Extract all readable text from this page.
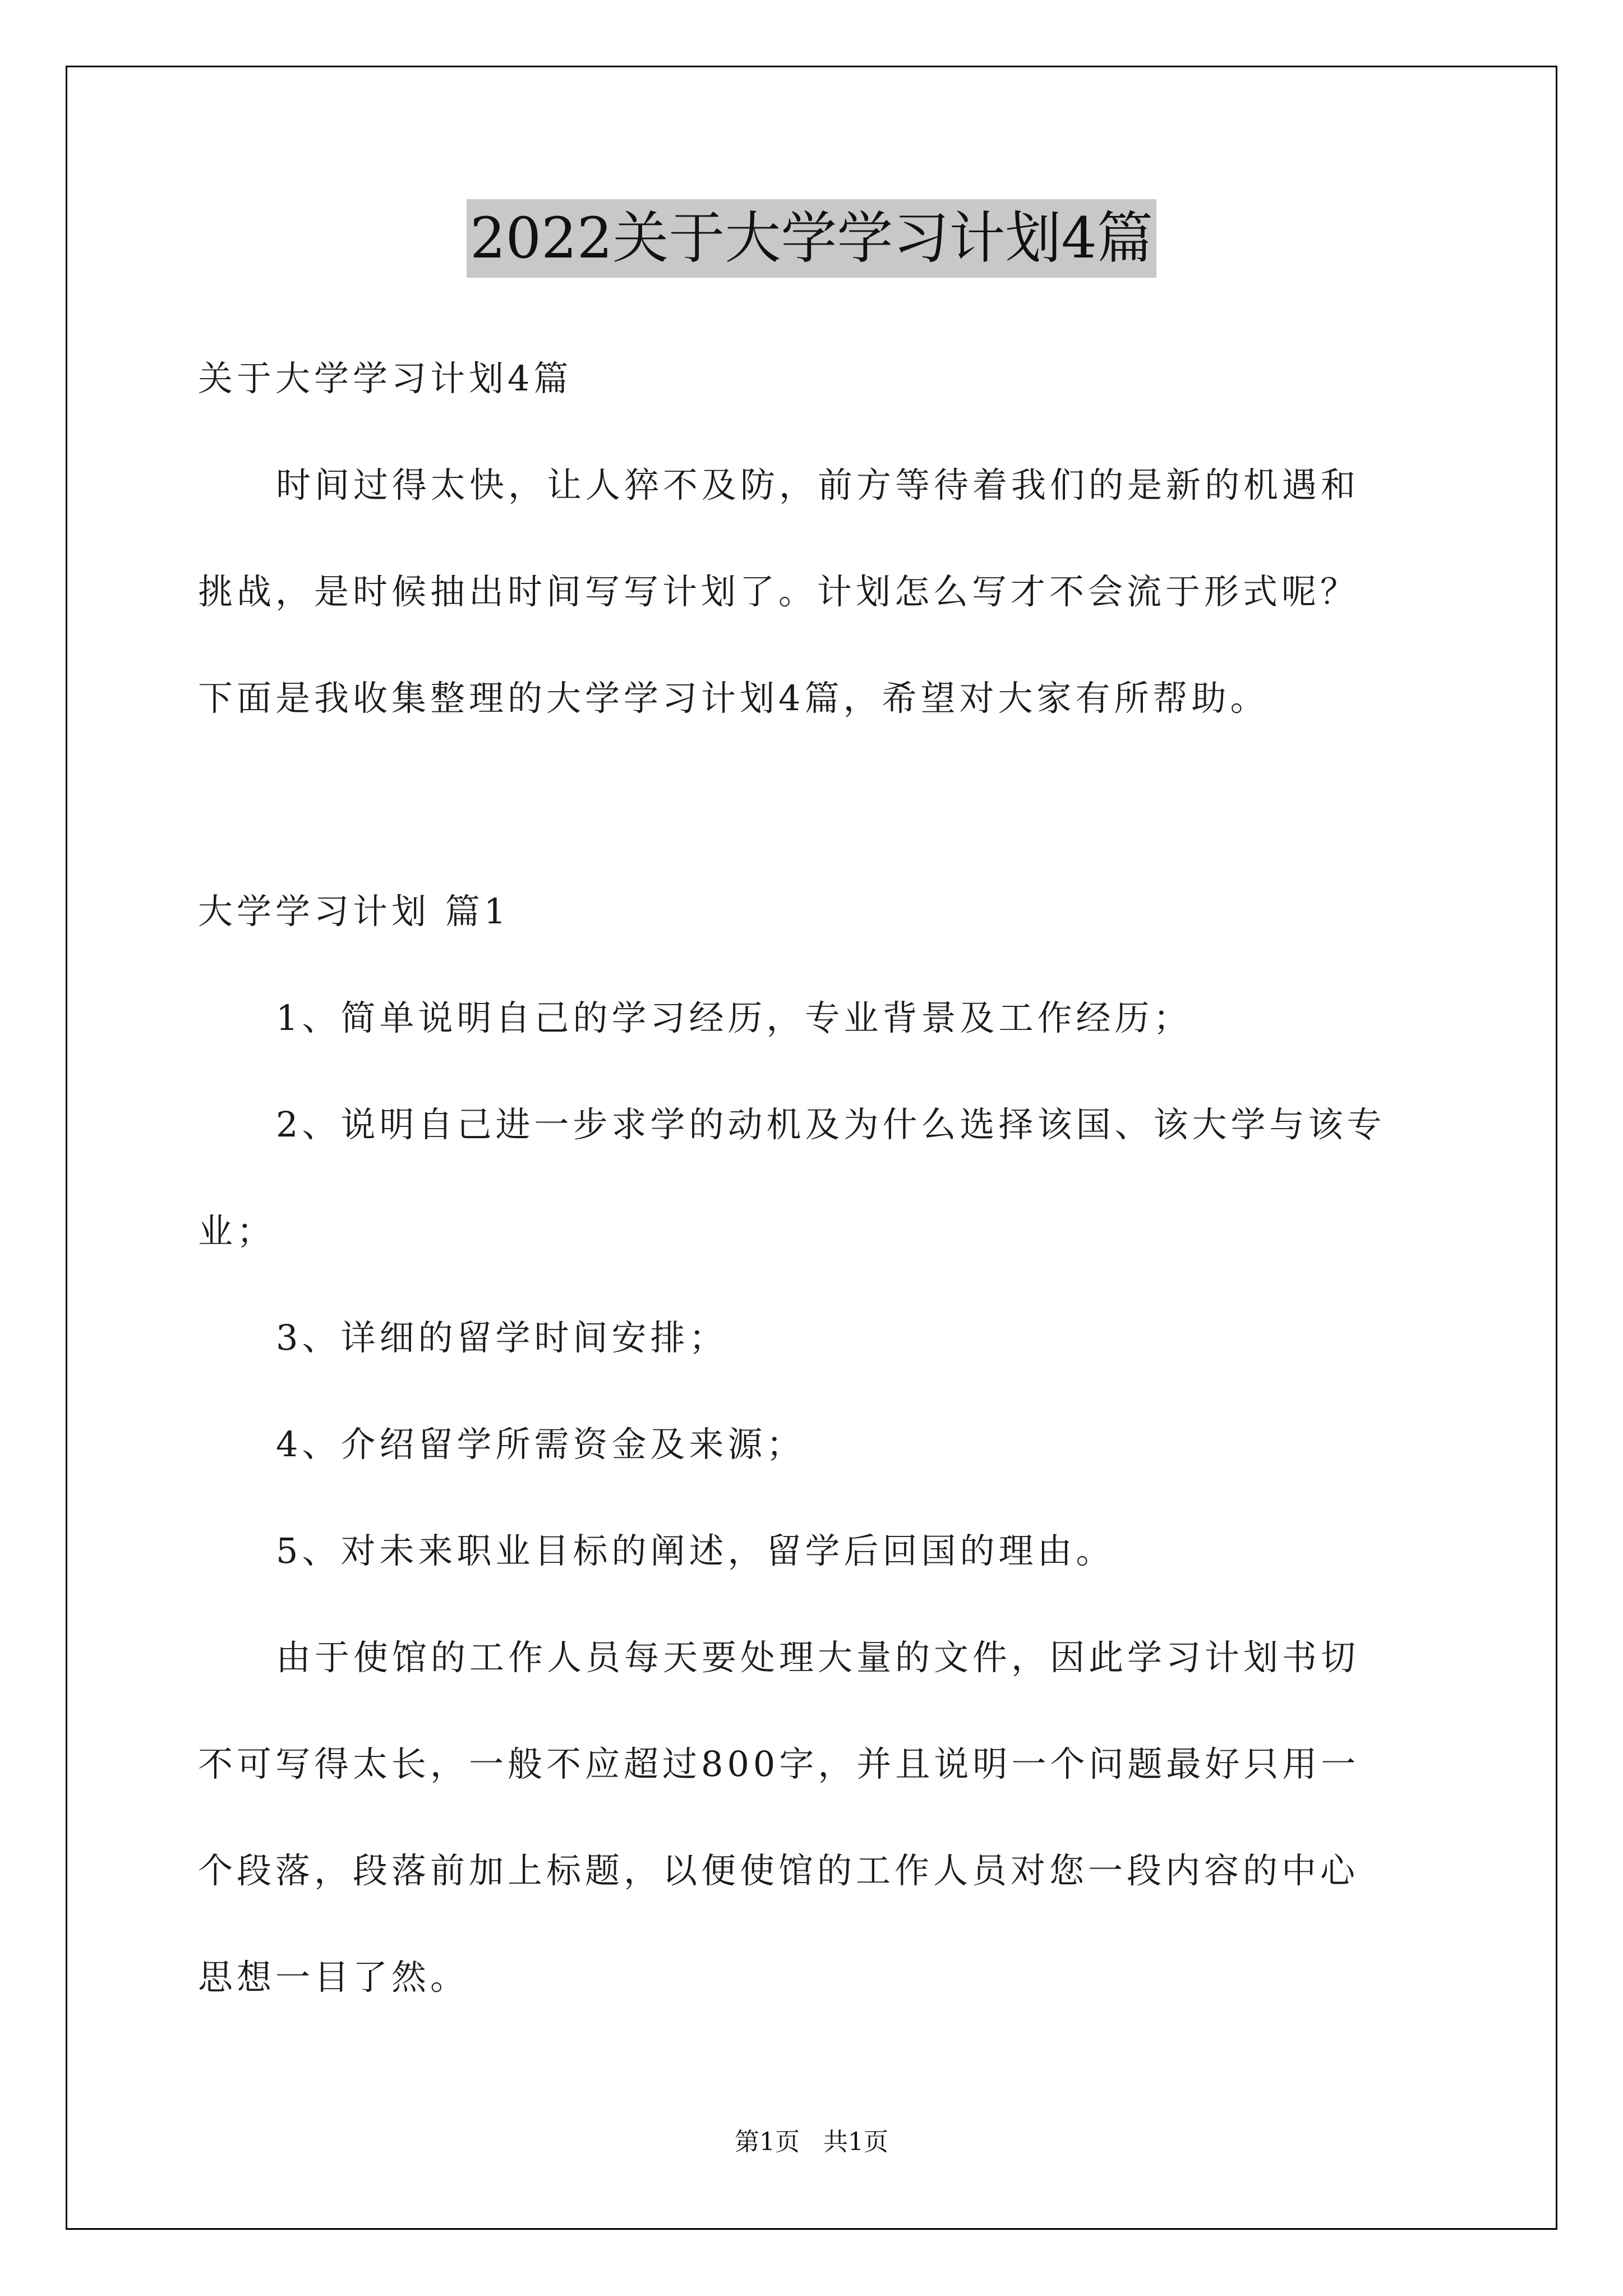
2022关于大学学习计划4篇
关于大学学习计划4篇
时间过得太快，让人猝不及防，前方等待着我们的是新的机遇和
挑战，是时候抽出时间写写计划了。计划怎么写才不会流于形式呢？
下面是我收集整理的大学学习计划4篇，希望对大家有所帮助。
大学学习计划 篇1
1、简单说明自己的学习经历，专业背景及工作经历；
2、说明自己进一步求学的动机及为什么选择该国、该大学与该专
业；
3、详细的留学时间安排；
4、介绍留学所需资金及来源；
5、对未来职业目标的阐述，留学后回国的理由。
由于使馆的工作人员每天要处理大量的文件，因此学习计划书切
不可写得太长，一般不应超过800字，并且说明一个问题最好只用一
个段落，段落前加上标题，以便使馆的工作人员对您一段内容的中心
思想一目了然。
第1页 共1页
